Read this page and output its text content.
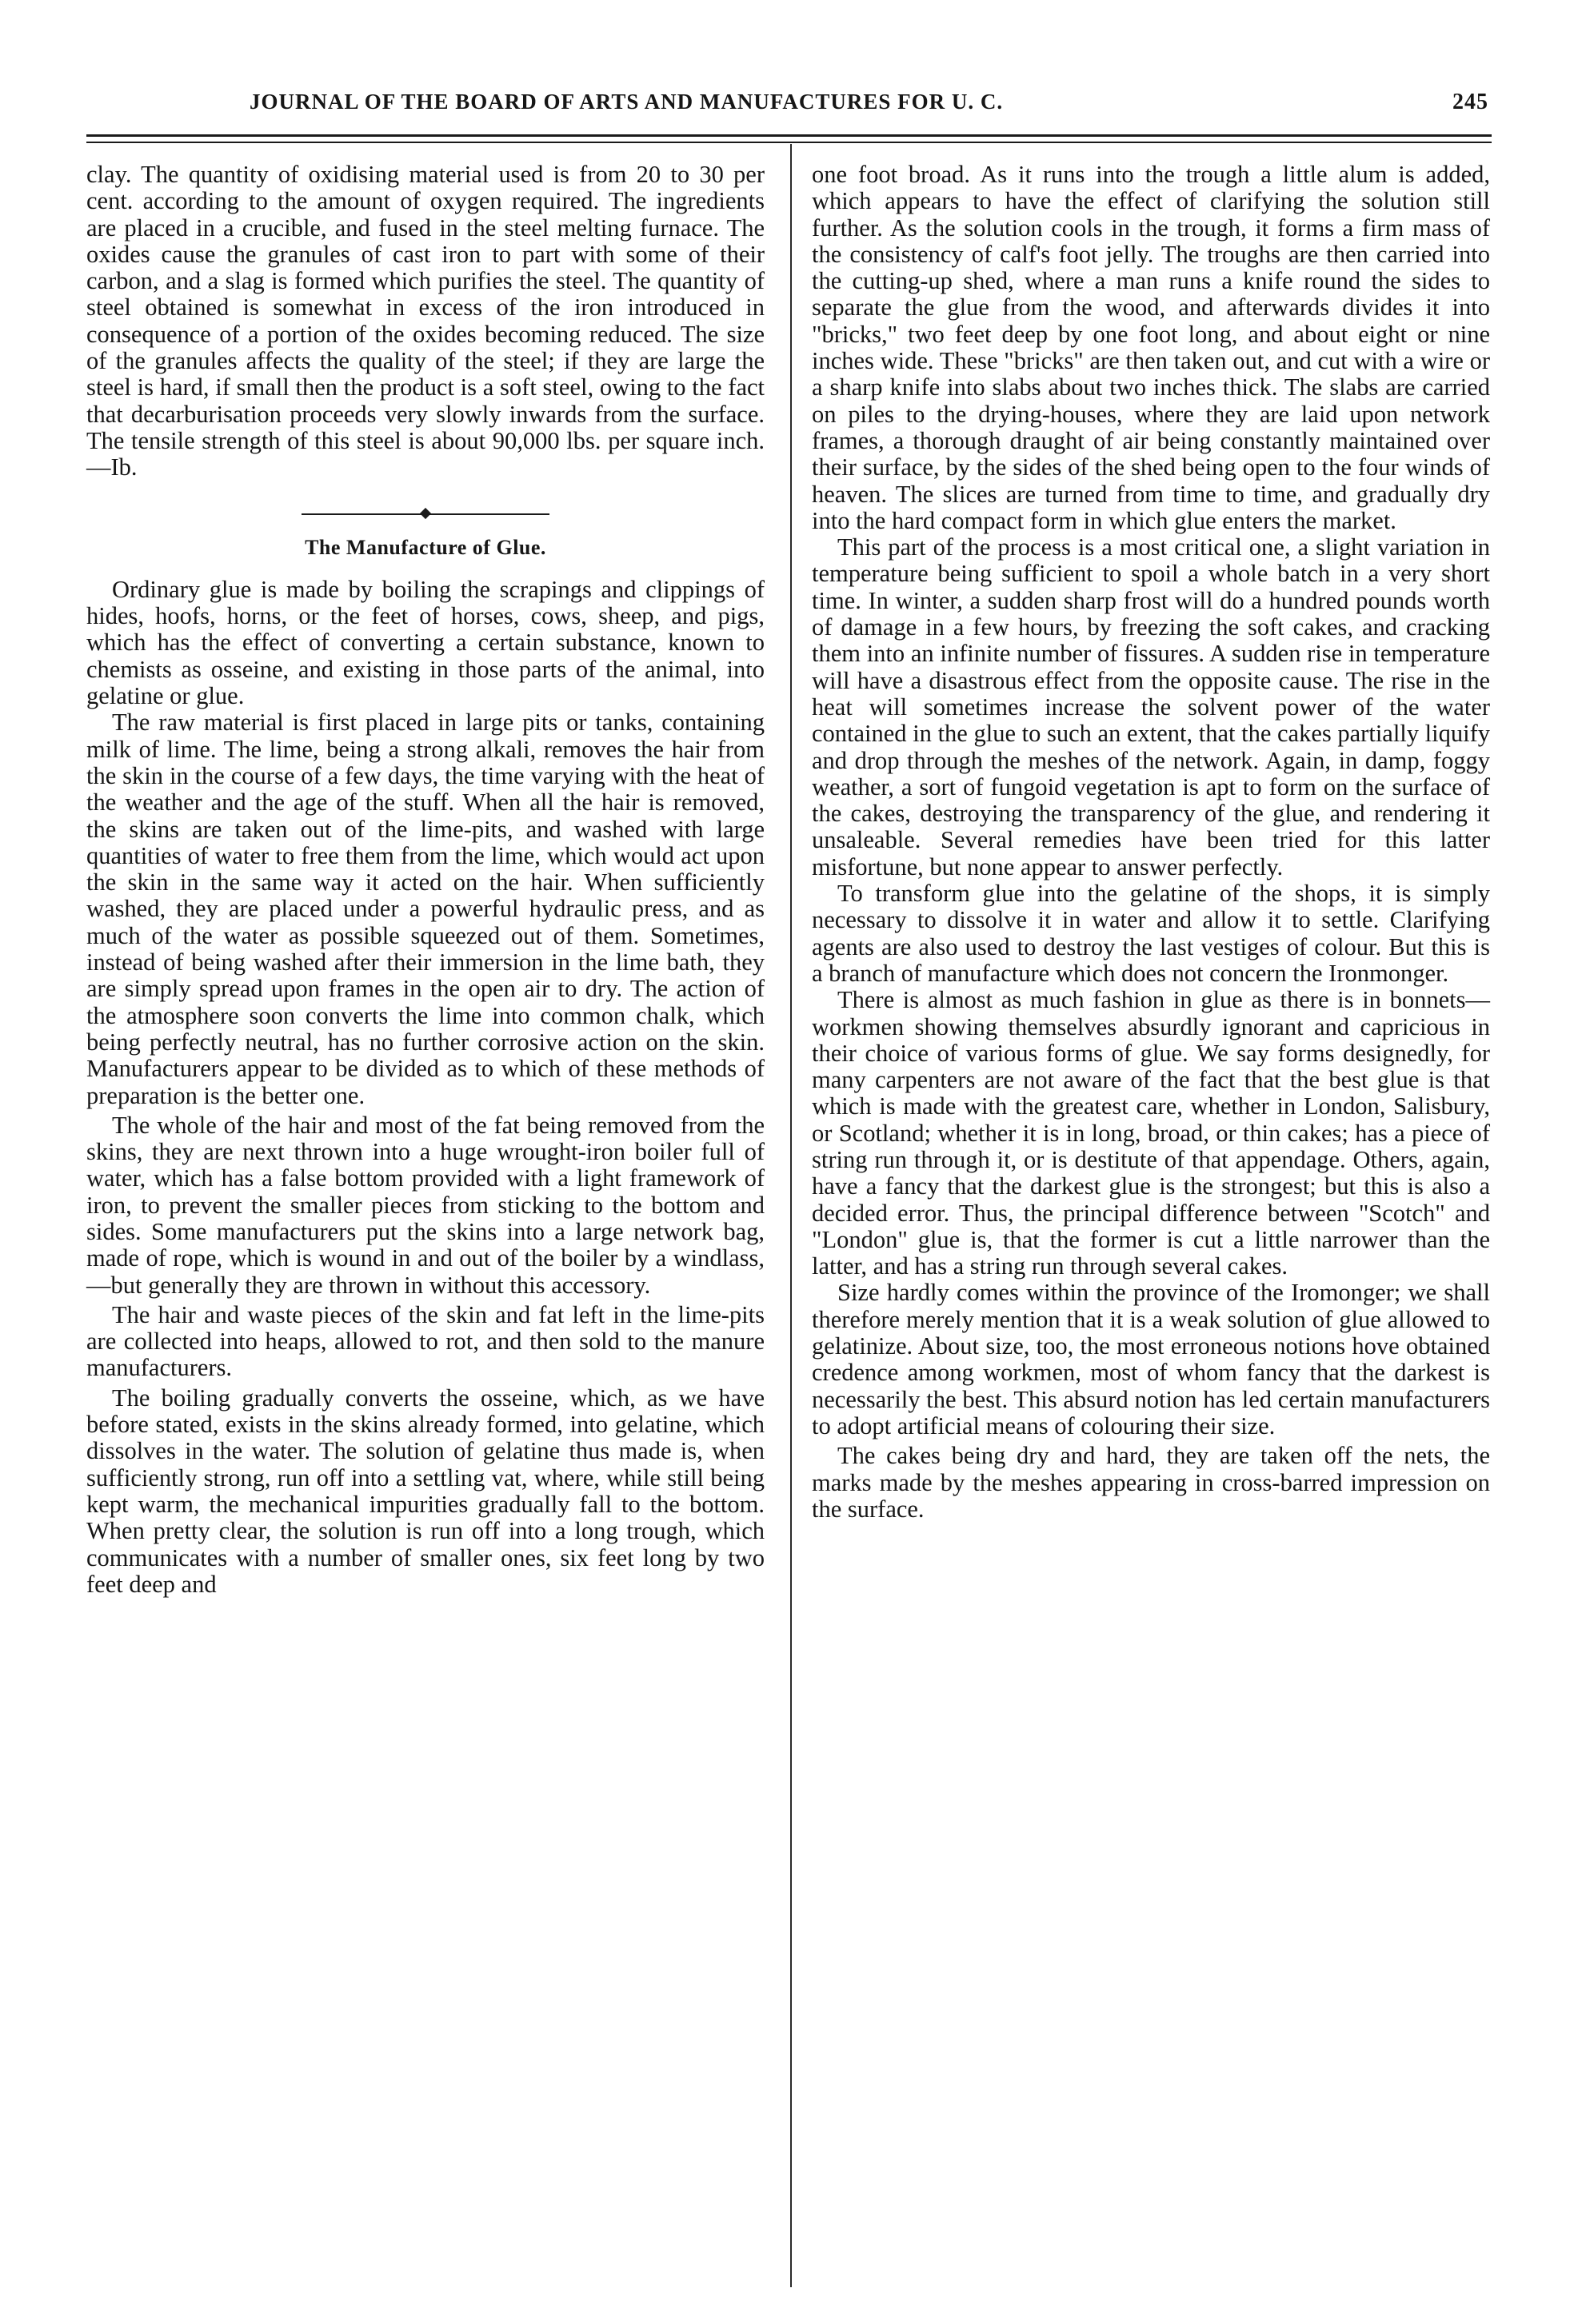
JOURNAL OF THE BOARD OF ARTS AND MANUFACTURES FOR U. C.	245

clay. The quantity of oxidising material used is from 20 to 30 per cent. according to the amount of oxygen required. The ingredients are placed in a crucible, and fused in the steel melting furnace. The oxides cause the granules of cast iron to part with some of their carbon, and a slag is formed which purifies the steel. The quantity of steel obtained is somewhat in excess of the iron introduced in consequence of a portion of the oxides becoming reduced. The size of the granules affects the quality of the steel; if they are large the steel is hard, if small then the product is a soft steel, owing to the fact that decarburisation proceeds very slowly inwards from the surface. The tensile strength of this steel is about 90,000 lbs. per square inch.—Ib.

The Manufacture of Glue.

Ordinary glue is made by boiling the scrapings and clippings of hides, hoofs, horns, or the feet of horses, cows, sheep, and pigs, which has the effect of converting a certain substance, known to chemists as osseine, and existing in those parts of the animal, into gelatine or glue.

The raw material is first placed in large pits or tanks, containing milk of lime. The lime, being a strong alkali, removes the hair from the skin in the course of a few days, the time varying with the heat of the weather and the age of the stuff. When all the hair is removed, the skins are taken out of the lime-pits, and washed with large quantities of water to free them from the lime, which would act upon the skin in the same way it acted on the hair. When sufficiently washed, they are placed under a powerful hydraulic press, and as much of the water as possible squeezed out of them. Sometimes, instead of being washed after their immersion in the lime bath, they are simply spread upon frames in the open air to dry. The action of the atmosphere soon converts the lime into common chalk, which being perfectly neutral, has no further corrosive action on the skin. Manufacturers appear to be divided as to which of these methods of preparation is the better one.

The whole of the hair and most of the fat being removed from the skins, they are next thrown into a huge wrought-iron boiler full of water, which has a false bottom provided with a light framework of iron, to prevent the smaller pieces from sticking to the bottom and sides. Some manufacturers put the skins into a large network bag, made of rope, which is wound in and out of the boiler by a windlass,—but generally they are thrown in without this accessory.

The hair and waste pieces of the skin and fat left in the lime-pits are collected into heaps, allowed to rot, and then sold to the manure manufacturers.

The boiling gradually converts the osseine, which, as we have before stated, exists in the skins already formed, into gelatine, which dissolves in the water. The solution of gelatine thus made is, when sufficiently strong, run off into a settling vat, where, while still being kept warm, the mechanical impurities gradually fall to the bottom. When pretty clear, the solution is run off into a long trough, which communicates with a number of smaller ones, six feet long by two feet deep and

one foot broad. As it runs into the trough a little alum is added, which appears to have the effect of clarifying the solution still further. As the solution cools in the trough, it forms a firm mass of the consistency of calf's foot jelly. The troughs are then carried into the cutting-up shed, where a man runs a knife round the sides to separate the glue from the wood, and afterwards divides it into "bricks," two feet deep by one foot long, and about eight or nine inches wide. These "bricks" are then taken out, and cut with a wire or a sharp knife into slabs about two inches thick. The slabs are carried on piles to the drying-houses, where they are laid upon network frames, a thorough draught of air being constantly maintained over their surface, by the sides of the shed being open to the four winds of heaven. The slices are turned from time to time, and gradually dry into the hard compact form in which glue enters the market.

This part of the process is a most critical one, a slight variation in temperature being sufficient to spoil a whole batch in a very short time. In winter, a sudden sharp frost will do a hundred pounds worth of damage in a few hours, by freezing the soft cakes, and cracking them into an infinite number of fissures. A sudden rise in temperature will have a disastrous effect from the opposite cause. The rise in the heat will sometimes increase the solvent power of the water contained in the glue to such an extent, that the cakes partially liquify and drop through the meshes of the network. Again, in damp, foggy weather, a sort of fungoid vegetation is apt to form on the surface of the cakes, destroying the transparency of the glue, and rendering it unsaleable. Several remedies have been tried for this latter misfortune, but none appear to answer perfectly.

To transform glue into the gelatine of the shops, it is simply necessary to dissolve it in water and allow it to settle. Clarifying agents are also used to destroy the last vestiges of colour. But this is a branch of manufacture which does not concern the Ironmonger.

There is almost as much fashion in glue as there is in bonnets—workmen showing themselves absurdly ignorant and capricious in their choice of various forms of glue. We say forms designedly, for many carpenters are not aware of the fact that the best glue is that which is made with the greatest care, whether in London, Salisbury, or Scotland; whether it is in long, broad, or thin cakes; has a piece of string run through it, or is destitute of that appendage. Others, again, have a fancy that the darkest glue is the strongest; but this is also a decided error. Thus, the principal difference between "Scotch" and "London" glue is, that the former is cut a little narrower than the latter, and has a string run through several cakes.

Size hardly comes within the province of the Iromonger; we shall therefore merely mention that it is a weak solution of glue allowed to gelatinize. About size, too, the most erroneous notions hove obtained credence among workmen, most of whom fancy that the darkest is necessarily the best. This absurd notion has led certain manufacturers to adopt artificial means of colouring their size.

The cakes being dry and hard, they are taken off the nets, the marks made by the meshes appearing in cross-barred impression on the surface.
